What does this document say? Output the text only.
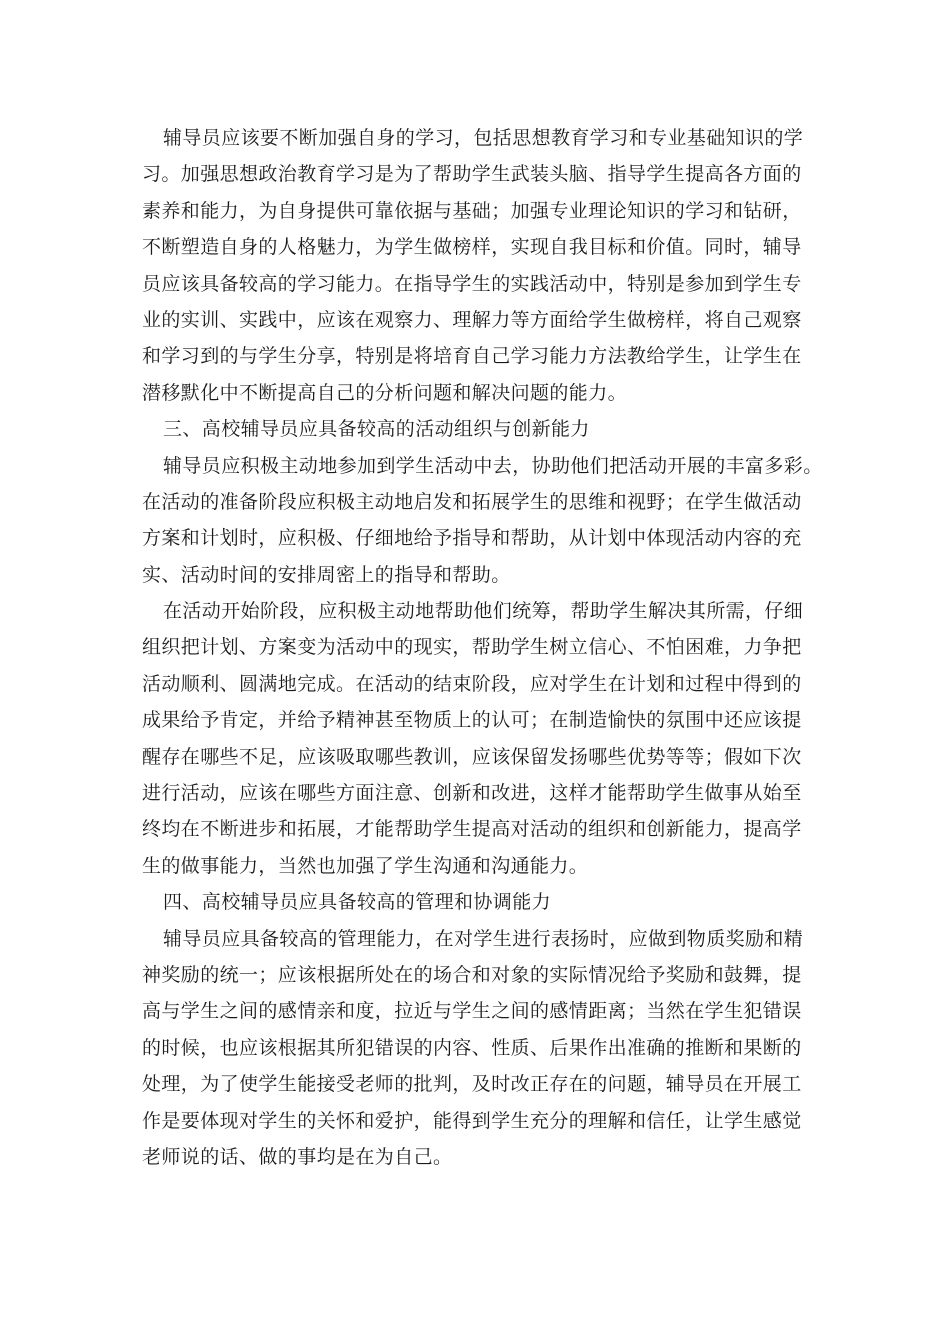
辅导员应该要不断加强自身的学习，包括思想教育学习和专业基础知识的学
习。加强思想政治教育学习是为了帮助学生武装头脑、指导学生提高各方面的
素养和能力，为自身提供可靠依据与基础；加强专业理论知识的学习和钻研，
不断塑造自身的人格魅力，为学生做榜样，实现自我目标和价值。同时，辅导
员应该具备较高的学习能力。在指导学生的实践活动中，特别是参加到学生专
业的实训、实践中，应该在观察力、理解力等方面给学生做榜样，将自己观察
和学习到的与学生分享，特别是将培育自己学习能力方法教给学生，让学生在
潜移默化中不断提高自己的分析问题和解决问题的能力。
三、高校辅导员应具备较高的活动组织与创新能力
辅导员应积极主动地参加到学生活动中去，协助他们把活动开展的丰富多彩。
在活动的准备阶段应积极主动地启发和拓展学生的思维和视野；在学生做活动
方案和计划时，应积极、仔细地给予指导和帮助，从计划中体现活动内容的充
实、活动时间的安排周密上的指导和帮助。
在活动开始阶段，应积极主动地帮助他们统筹，帮助学生解决其所需，仔细
组织把计划、方案变为活动中的现实，帮助学生树立信心、不怕困难，力争把
活动顺利、圆满地完成。在活动的结束阶段，应对学生在计划和过程中得到的
成果给予肯定，并给予精神甚至物质上的认可；在制造愉快的氛围中还应该提
醒存在哪些不足，应该吸取哪些教训，应该保留发扬哪些优势等等；假如下次
进行活动，应该在哪些方面注意、创新和改进，这样才能帮助学生做事从始至
终均在不断进步和拓展，才能帮助学生提高对活动的组织和创新能力，提高学
生的做事能力，当然也加强了学生沟通和沟通能力。
四、高校辅导员应具备较高的管理和协调能力
辅导员应具备较高的管理能力，在对学生进行表扬时，应做到物质奖励和精
神奖励的统一；应该根据所处在的场合和对象的实际情况给予奖励和鼓舞，提
高与学生之间的感情亲和度，拉近与学生之间的感情距离；当然在学生犯错误
的时候，也应该根据其所犯错误的内容、性质、后果作出准确的推断和果断的
处理，为了使学生能接受老师的批判，及时改正存在的问题，辅导员在开展工
作是要体现对学生的关怀和爱护，能得到学生充分的理解和信任，让学生感觉
老师说的话、做的事均是在为自己。
